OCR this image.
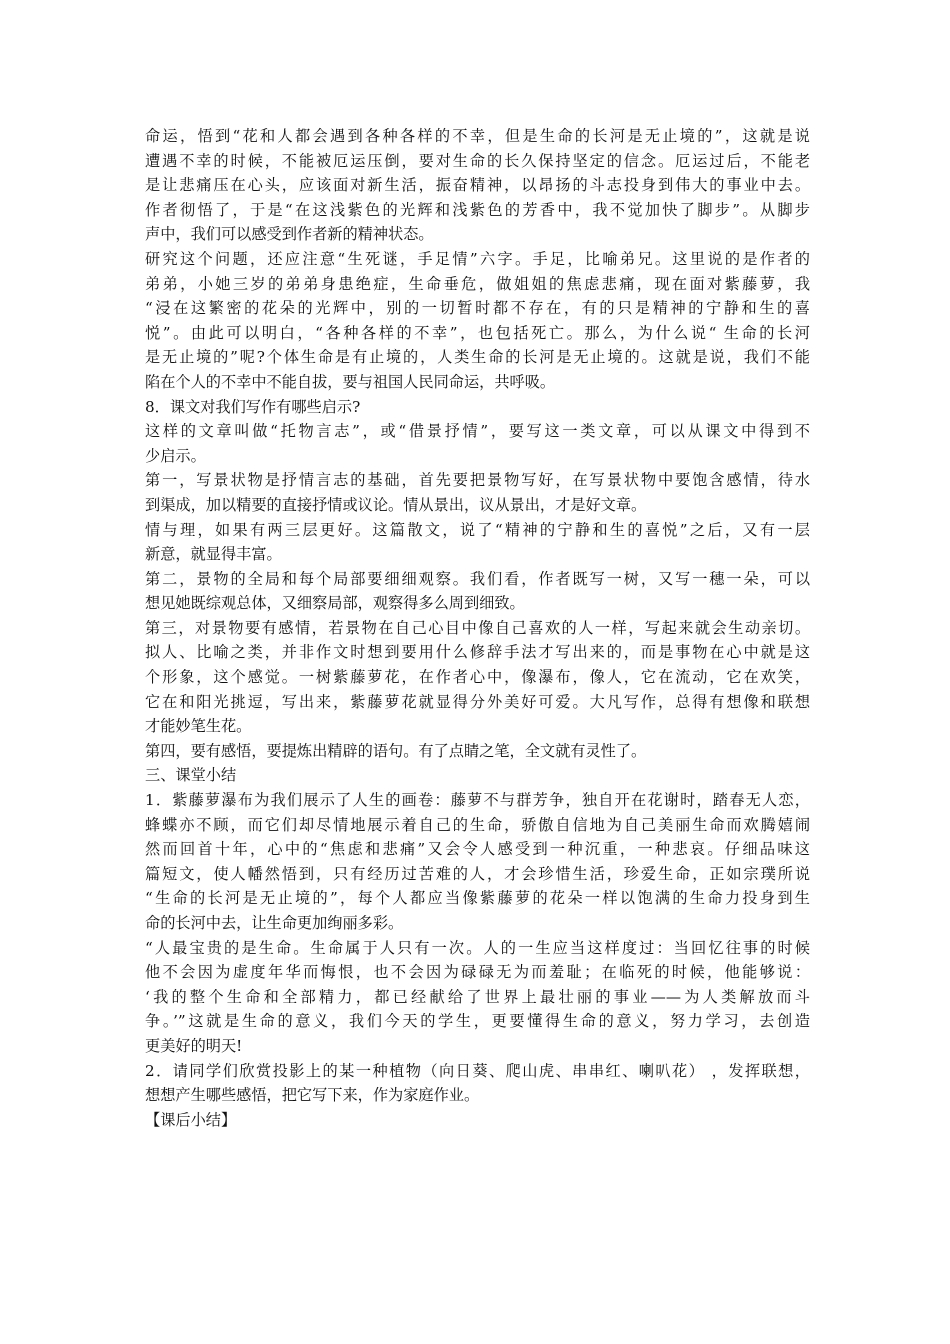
命运，悟到“花和人都会遇到各种各样的不幸，但是生命的长河是无止境的”，这就是说

遭遇不幸的时候，不能被厄运压倒，要对生命的长久保持坚定的信念。厄运过后，不能老

是让悲痛压在心头，应该面对新生活，振奋精神，以昂扬的斗志投身到伟大的事业中去。

作者彻悟了，于是“在这浅紫色的光辉和浅紫色的芳香中，我不觉加快了脚步”。从脚步

声中，我们可以感受到作者新的精神状态。

研究这个问题，还应注意“生死谜，手足情”六字。手足，比喻弟兄。这里说的是作者的

弟弟，小她三岁的弟弟身患绝症，生命垂危，做姐姐的焦虑悲痛，现在面对紫藤萝，我

“浸在这繁密的花朵的光辉中，别的一切暂时都不存在，有的只是精神的宁静和生的喜

悦”。由此可以明白，“各种各样的不幸”，也包括死亡。那么，为什么说“ 生命的长河

是无止境的”呢?个体生命是有止境的，人类生命的长河是无止境的。这就是说，我们不能

陷在个人的不幸中不能自拔，要与祖国人民同命运，共呼吸。

8．课文对我们写作有哪些启示?

这样的文章叫做“托物言志”，或“借景抒情”，要写这一类文章，可以从课文中得到不

少启示。

第一，写景状物是抒情言志的基础，首先要把景物写好，在写景状物中要饱含感情，待水

到渠成，加以精要的直接抒情或议论。情从景出，议从景出，才是好文章。

情与理，如果有两三层更好。这篇散文，说了“精神的宁静和生的喜悦”之后，又有一层

新意，就显得丰富。

第二，景物的全局和每个局部要细细观察。我们看，作者既写一树，又写一穗一朵，可以

想见她既综观总体，又细察局部，观察得多么周到细致。

第三，对景物要有感情，若景物在自己心目中像自己喜欢的人一样，写起来就会生动亲切。

拟人、比喻之类，并非作文时想到要用什么修辞手法才写出来的，而是事物在心中就是这

个形象，这个感觉。一树紫藤萝花，在作者心中，像瀑布，像人，它在流动，它在欢笑，

它在和阳光挑逗，写出来，紫藤萝花就显得分外美好可爱。大凡写作，总得有想像和联想

才能妙笔生花。

第四，要有感悟，要提炼出精辟的语句。有了点睛之笔，全文就有灵性了。

三、课堂小结

1．紫藤萝瀑布为我们展示了人生的画卷：藤萝不与群芳争，独自开在花谢时，踏春无人恋，

蜂蝶亦不顾，而它们却尽情地展示着自己的生命，骄傲自信地为自己美丽生命而欢腾嬉闹

然而回首十年，心中的“焦虑和悲痛”又会令人感受到一种沉重，一种悲哀。仔细品味这

篇短文，使人幡然悟到，只有经历过苦难的人，才会珍惜生活，珍爱生命，正如宗璞所说

“生命的长河是无止境的”，每个人都应当像紫藤萝的花朵一样以饱满的生命力投身到生

命的长河中去，让生命更加绚丽多彩。

“人最宝贵的是生命。生命属于人只有一次。人的一生应当这样度过：当回忆往事的时候

他不会因为虚度年华而悔恨，也不会因为碌碌无为而羞耻；在临死的时候，他能够说：

‘我的整个生命和全部精力，都已经献给了世界上最壮丽的事业——为人类解放而斗

争。’”这就是生命的意义，我们今天的学生，更要懂得生命的意义，努力学习，去创造

更美好的明天!

2．请同学们欣赏投影上的某一种植物（向日葵、爬山虎、串串红、喇叭花） ，发挥联想，

想想产生哪些感悟，把它写下来，作为家庭作业。

【课后小结】
